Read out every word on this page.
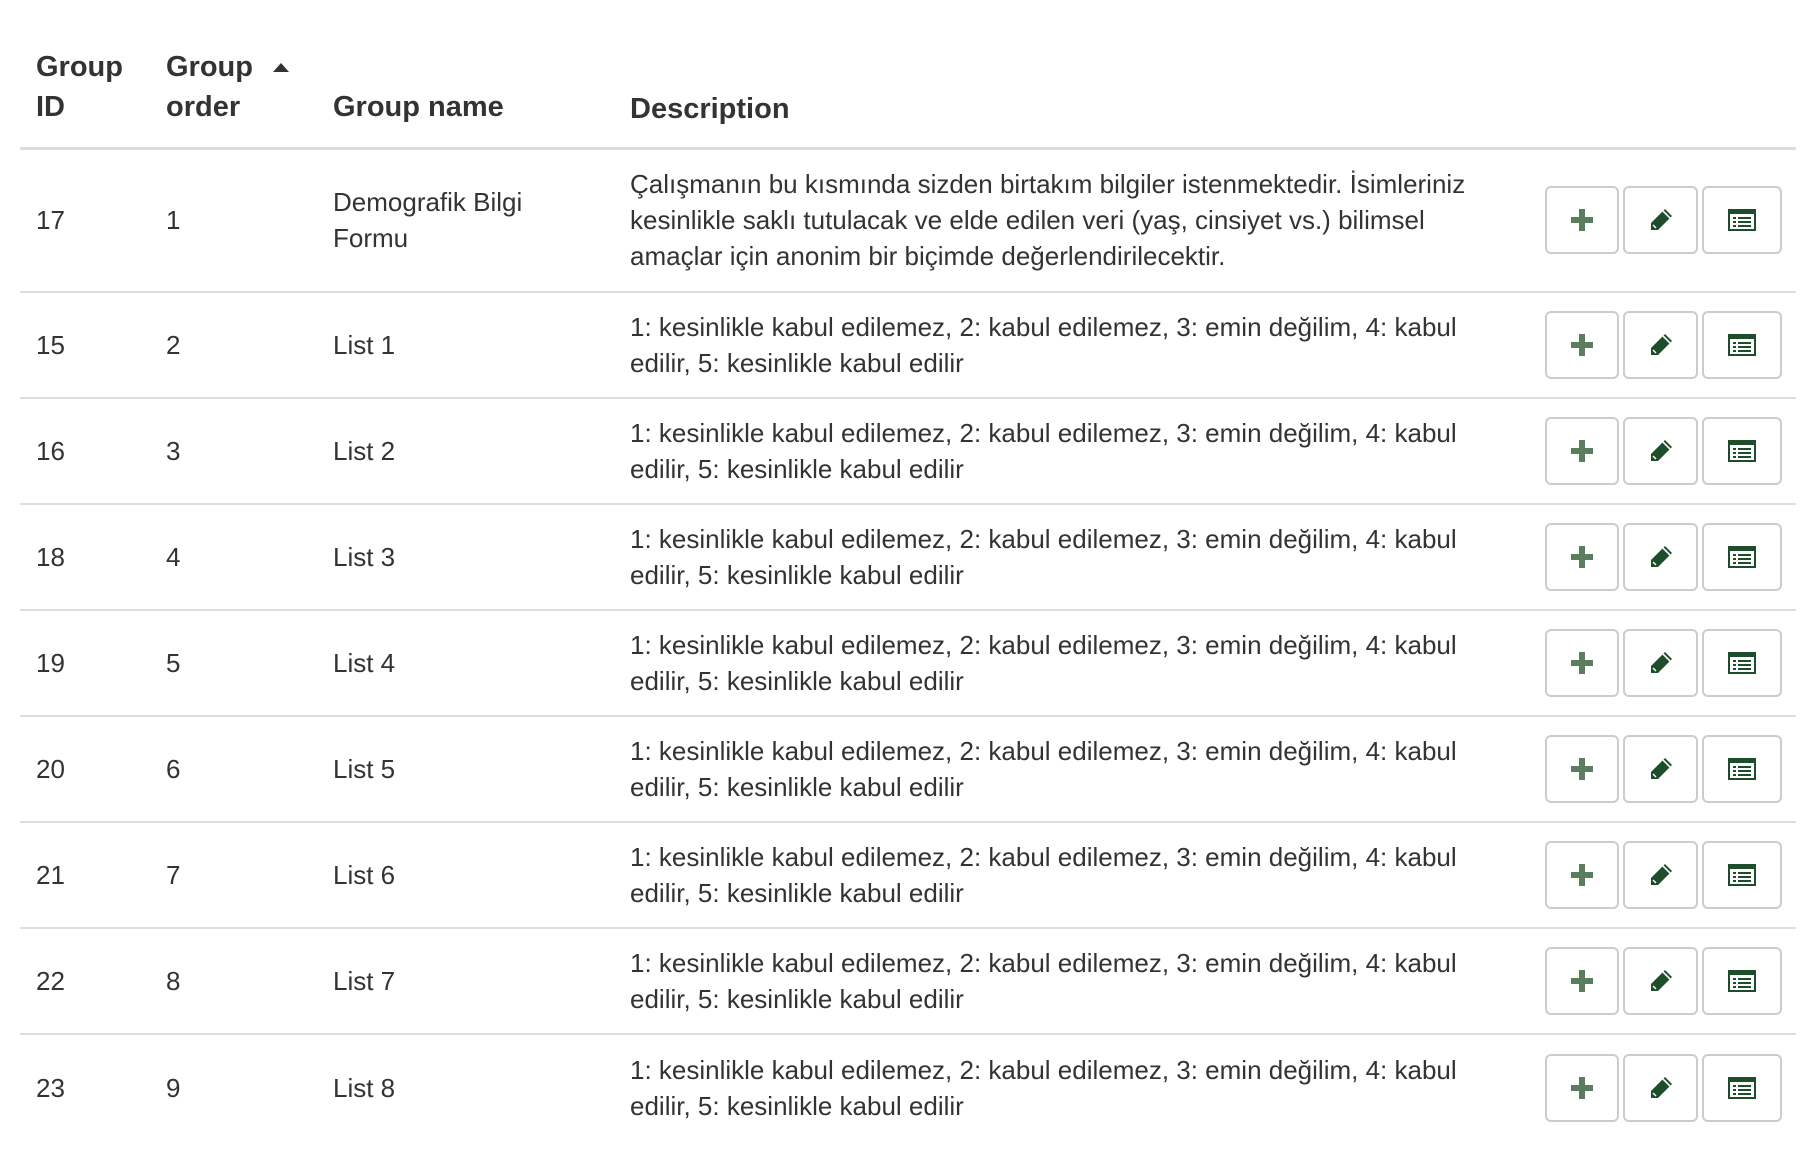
Group ID	Group order	Group name	Description	
17	1	Demografik Bilgi Formu	Çalışmanın bu kısmında sizden birtakım bilgiler istenmektedir. İsimleriniz kesinlikle saklı tutulacak ve elde edilen veri (yaş, cinsiyet vs.) bilimsel amaçlar için anonim bir biçimde değerlendirilecektir.	

15	2	List 1	1: kesinlikle kabul edilemez, 2: kabul edilemez, 3: emin değilim, 4: kabul edilir, 5: kesinlikle kabul edilir	

16	3	List 2	1: kesinlikle kabul edilemez, 2: kabul edilemez, 3: emin değilim, 4: kabul edilir, 5: kesinlikle kabul edilir	

18	4	List 3	1: kesinlikle kabul edilemez, 2: kabul edilemez, 3: emin değilim, 4: kabul edilir, 5: kesinlikle kabul edilir	

19	5	List 4	1: kesinlikle kabul edilemez, 2: kabul edilemez, 3: emin değilim, 4: kabul edilir, 5: kesinlikle kabul edilir	

20	6	List 5	1: kesinlikle kabul edilemez, 2: kabul edilemez, 3: emin değilim, 4: kabul edilir, 5: kesinlikle kabul edilir	

21	7	List 6	1: kesinlikle kabul edilemez, 2: kabul edilemez, 3: emin değilim, 4: kabul edilir, 5: kesinlikle kabul edilir	

22	8	List 7	1: kesinlikle kabul edilemez, 2: kabul edilemez, 3: emin değilim, 4: kabul edilir, 5: kesinlikle kabul edilir	

23	9	List 8	1: kesinlikle kabul edilemez, 2: kabul edilemez, 3: emin değilim, 4: kabul edilir, 5: kesinlikle kabul edilir	
